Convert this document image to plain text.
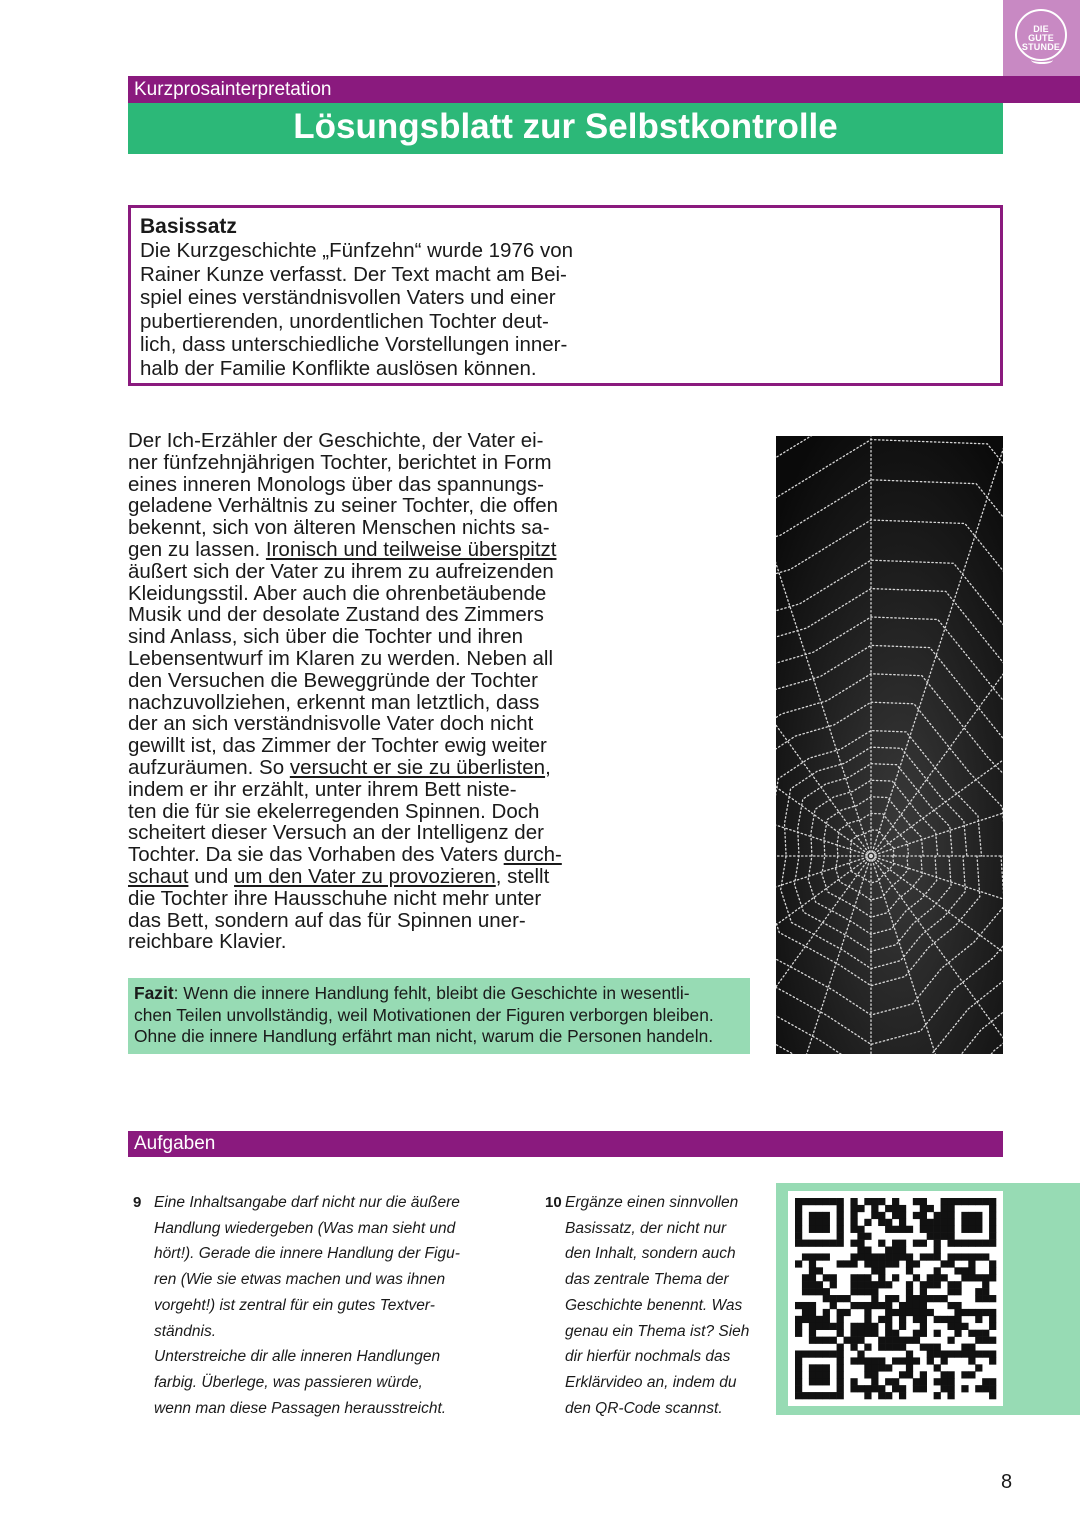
DIE
GUTE
STUNDE
Kurzprosainterpretation
Lösungsblatt zur Selbstkontrolle
Basissatz

Die Kurzgeschichte „Fünfzehn“ wurde 1976 von
Rainer Kunze verfasst. Der Text macht am Bei-
spiel eines verständnisvollen Vaters und einer
pubertierenden, unordentlichen Tochter deut-
lich, dass unterschiedliche Vorstellungen inner-
halb der Familie Konflikte auslösen können.

Der Ich-Erzähler der Geschichte, der Vater ei-
ner fünfzehnjährigen Tochter, berichtet in Form
eines inneren Monologs über das spannungs-
geladene Verhältnis zu seiner Tochter, die offen
bekennt, sich von älteren Menschen nichts sa-
gen zu lassen. Ironisch und teilweise überspitzt
äußert sich der Vater zu ihrem zu aufreizenden
Kleidungsstil. Aber auch die ohrenbetäubende
Musik und der desolate Zustand des Zimmers
sind Anlass, sich über die Tochter und ihren
Lebensentwurf im Klaren zu werden. Neben all
den Versuchen die Beweggründe der Tochter
nachzuvollziehen, erkennt man letztlich, dass
der an sich verständnisvolle Vater doch nicht
gewillt ist, das Zimmer der Tochter ewig weiter
aufzuräumen. So versucht er sie zu überlisten,
indem er ihr erzählt, unter ihrem Bett niste-
ten die für sie ekelerregenden Spinnen. Doch
scheitert dieser Versuch an der Intelligenz der
Tochter. Da sie das Vorhaben des Vaters durch-
schaut und um den Vater zu provozieren, stellt
die Tochter ihre Hausschuhe nicht mehr unter
das Bett, sondern auf das für Spinnen uner-
reichbare Klavier.

Fazit: Wenn die innere Handlung fehlt, bleibt die Geschichte in wesentli-
chen Teilen unvollständig, weil Motivationen der Figuren verborgen bleiben.
Ohne die innere Handlung erfährt man nicht, warum die Personen handeln.

Aufgaben
9 Eine Inhaltsangabe darf nicht nur die äußere
Handlung wiedergeben (Was man sieht und
hört!). Gerade die innere Handlung der Figu-
ren (Wie sie etwas machen und was ihnen
vorgeht!) ist zentral für ein gutes Textver-
ständnis.
Unterstreiche dir alle inneren Handlungen
farbig. Überlege, was passieren würde,
wenn man diese Passagen herausstreicht.

10 Ergänze einen sinnvollen
Basissatz, der nicht nur
den Inhalt, sondern auch
das zentrale Thema der
Geschichte benennt. Was
genau ein Thema ist? Sieh
dir hierfür nochmals das
Erklärvideo an, indem du
den QR-Code scannst.

8
